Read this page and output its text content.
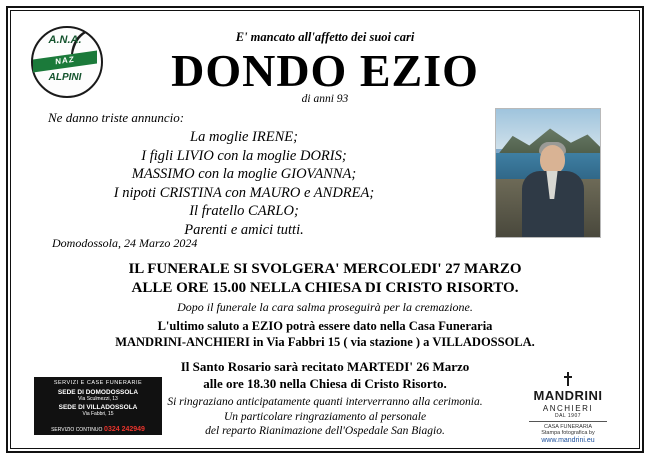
A.N.A.
NAZ
ALPINI
E' mancato all'affetto dei suoi cari
DONDO EZIO
di anni 93
Ne danno triste annuncio:
La moglie IRENE;
I figli LIVIO con la moglie DORIS;
MASSIMO con la moglie GIOVANNA;
I nipoti CRISTINA con MAURO e ANDREA;
Il fratello CARLO;
Parenti e amici tutti.
Domodossola, 24 Marzo 2024
IL FUNERALE SI SVOLGERA' MERCOLEDI' 27 MARZO
ALLE ORE 15.00 NELLA CHIESA DI CRISTO RISORTO.
Dopo il funerale la cara salma proseguirà per la cremazione.
L'ultimo saluto a EZIO potrà essere dato nella Casa Funeraria
MANDRINI-ANCHIERI in Via Fabbri 15 ( via stazione ) a VILLADOSSOLA.
Il Santo Rosario sarà recitato MARTEDI' 26 Marzo
alle ore 18.30 nella Chiesa di Cristo Risorto.
Si ringraziano anticipatamente quanti interverranno alla cerimonia.
Un particolare ringraziamento al personale
del reparto Rianimazione dell'Ospedale San Biagio.
SERVIZI E CASE FUNERARIE
SEDE DI DOMODOSSOLA
Via Sculmezzi, 13
SEDE DI VILLADOSSOLA
Via Fabbri, 15
SERVIZIO CONTINUO 0324 242949
MANDRINI
ANCHIERI
DAL 1907
CASA FUNERARIA
Stampa fotografica by
www.mandrini.eu
